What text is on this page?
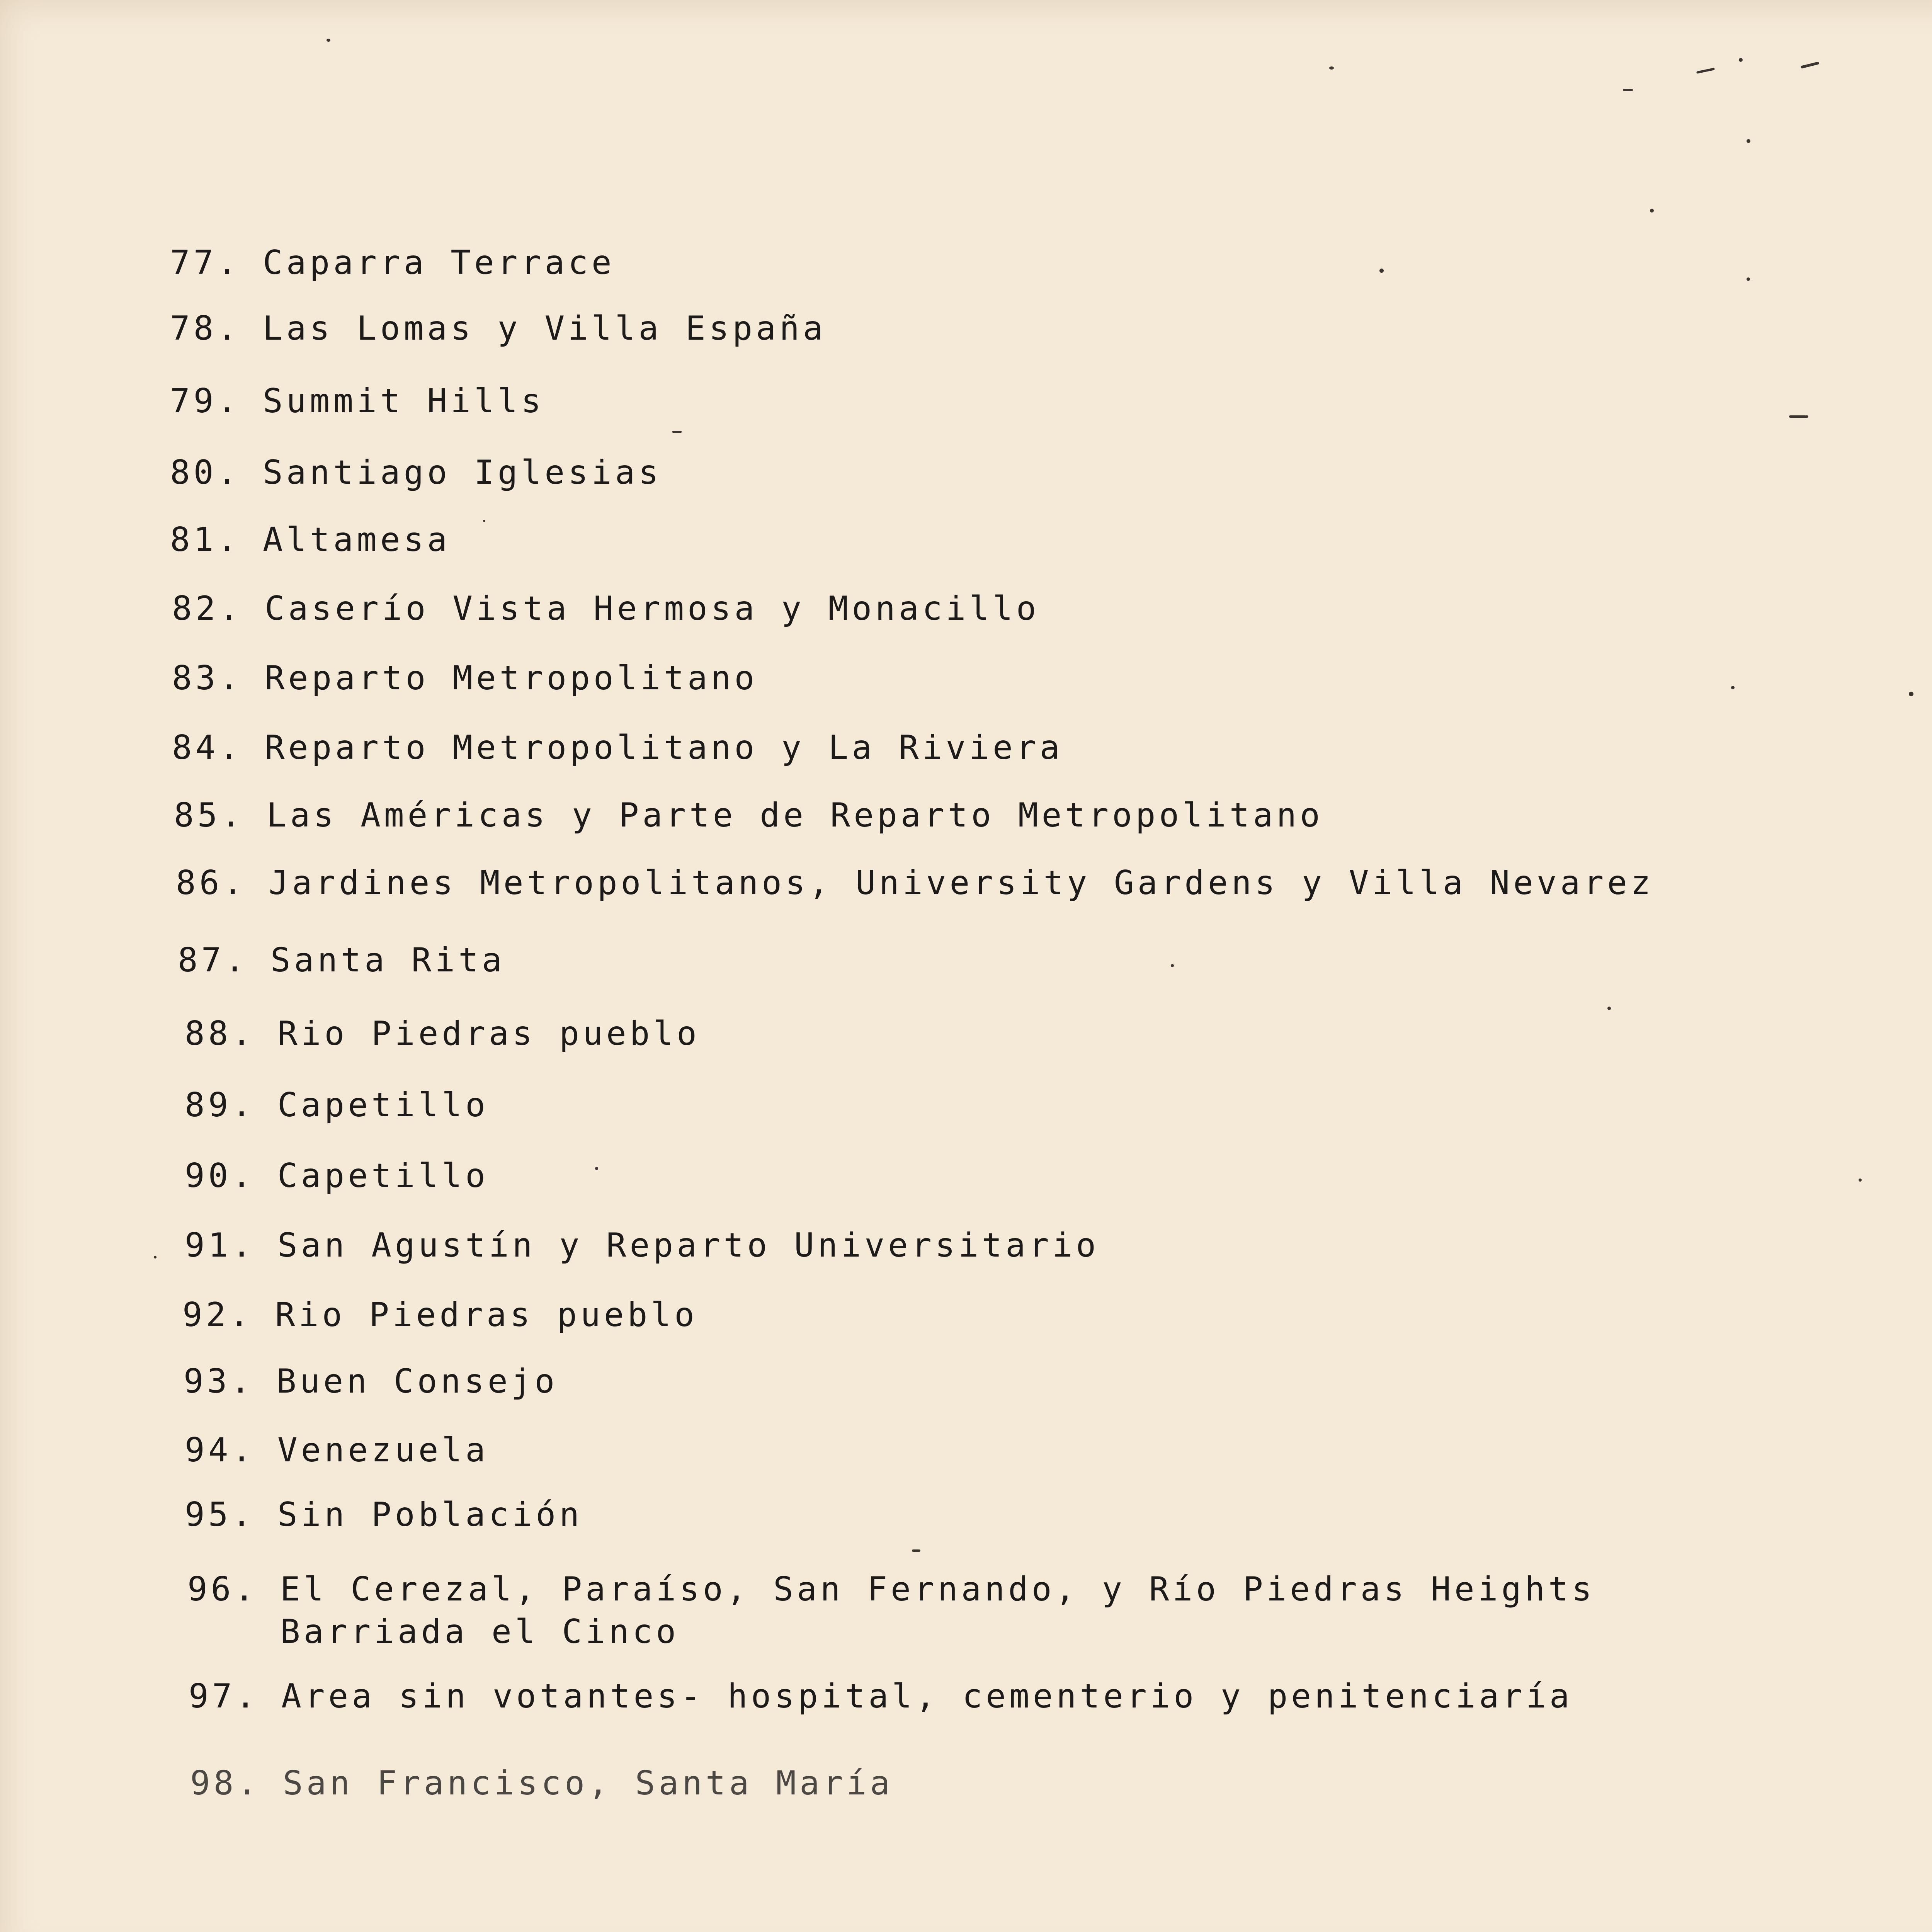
77. Caparra Terrace
78. Las Lomas y Villa España
79. Summit Hills
80. Santiago Iglesias
81. Altamesa
82. Caserío Vista Hermosa y Monacillo
83. Reparto Metropolitano
84. Reparto Metropolitano y La Riviera
85. Las Américas y Parte de Reparto Metropolitano
86. Jardines Metropolitanos, University Gardens y Villa Nevarez
87. Santa Rita
88. Rio Piedras pueblo
89. Capetillo
90. Capetillo
91. San Agustín y Reparto Universitario
92. Rio Piedras pueblo
93. Buen Consejo
94. Venezuela
95. Sin Población
96. El Cerezal, Paraíso, San Fernando, y Río Piedras Heights
Barriada el Cinco
97. Area sin votantes- hospital, cementerio y penitenciaría
98. San Francisco, Santa María
